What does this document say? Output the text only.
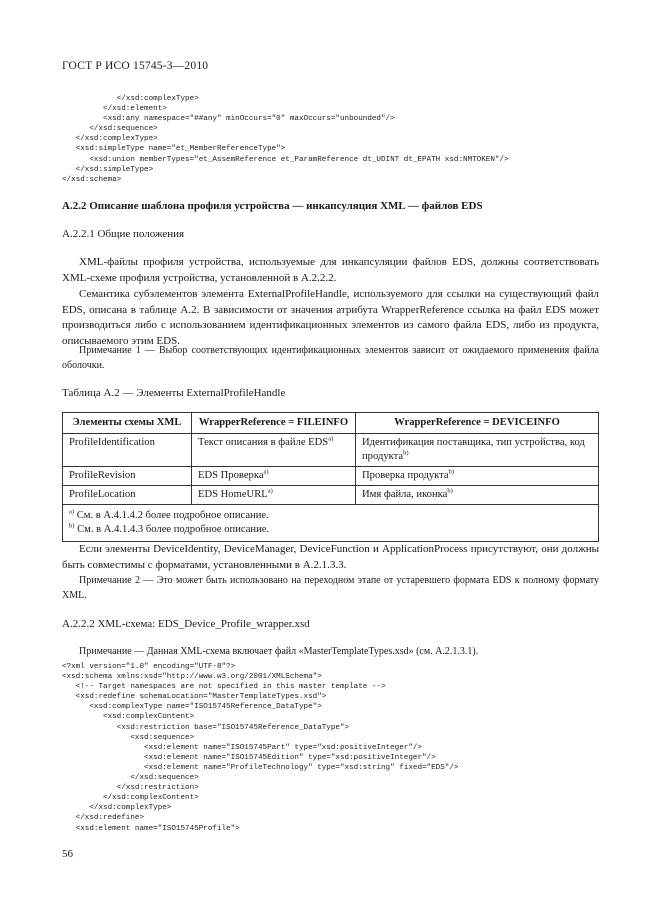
ГОСТ Р ИСО 15745-3—2010
</xsd:complexType>
</xsd:element>
<xsd:any namespace="##any" minOccurs="0" maxOccurs="unbounded"/>
</xsd:sequence>
</xsd:complexType>
<xsd:simpleType name="et_MemberReferenceType">
<xsd:union memberTypes="et_AssemReference et_ParamReference dt_UDINT dt_EPATH xsd:NMTOKEN"/>
</xsd:simpleType>
</xsd:schema>
А.2.2 Описание шаблона профиля устройства — инкапсуляция XML — файлов EDS
А.2.2.1 Общие положения
XML-файлы профиля устройства, используемые для инкапсуляции файлов EDS, должны соответствовать XML-схеме профиля устройства, установленной в А.2.2.2.
Семантика субэлементов элемента ExternalProfileHandle, используемого для ссылки на существующий файл EDS, описана в таблице А.2. В зависимости от значения атрибута WrapperReference ссылка на файл EDS может производиться либо с использованием идентификационных элементов из самого файла EDS, либо из продукта, описываемого этим EDS.
Примечание 1 — Выбор соответствующих идентификационных элементов зависит от ожидаемого применения файла оболочки.
Таблица А.2 — Элементы ExternalProfileHandle
Элементы схемы XML	WrapperReference = FILEINFO	WrapperReference = DEVICEINFO
ProfileIdentification	Текст описания в файле EDS$^{a)}$	Идентификация поставщика, тип устройства, код продукта$^{b)}$
ProfileRevision	EDS Проверка$^{a)}$	Проверка продукта$^{b)}$
ProfileLocation	EDS HomeURL$^{a)}$	Имя файла, иконка$^{b)}$

$^{a)}$ См. в А.4.1.4.2 более подробное описание.
$^{b)}$ См. в А.4.1.4.3 более подробное описание.		
Если элементы DeviceIdentity, DeviceManager, DeviceFunction и ApplicationProcess присутствуют, они должны быть совместимы с форматами, установленными в А.2.1.3.3.
Примечание 2 — Это может быть использовано на переходном этапе от устаревшего формата EDS к полному формату XML.
А.2.2.2 XML-схема: EDS_Device_Profile_wrapper.xsd
Примечание — Данная XML-схема включает файл «MasterTemplateTypes.xsd» (см. А.2.1.3.1).
<?xml version="1.0" encoding="UTF-8"?>
<xsd:schema xmlns:xsd="http://www.w3.org/2001/XMLSchema">
<!-- Target namespaces are not specified in this master template -->
<xsd:redefine schemaLocation="MasterTemplateTypes.xsd">
<xsd:complexType name="ISO15745Reference_DataType">
<xsd:complexContent>
<xsd:restriction base="ISO15745Reference_DataType">
<xsd:sequence>
<xsd:element name="ISO15745Part" type="xsd:positiveInteger"/>
<xsd:element name="ISO15745Edition" type="xsd:positiveInteger"/>
<xsd:element name="ProfileTechnology" type="xsd:string" fixed="EDS"/>
</xsd:sequence>
</xsd:restriction>
</xsd:complexContent>
</xsd:complexType>
</xsd:redefine>
<xsd:element name="ISO15745Profile">
56
